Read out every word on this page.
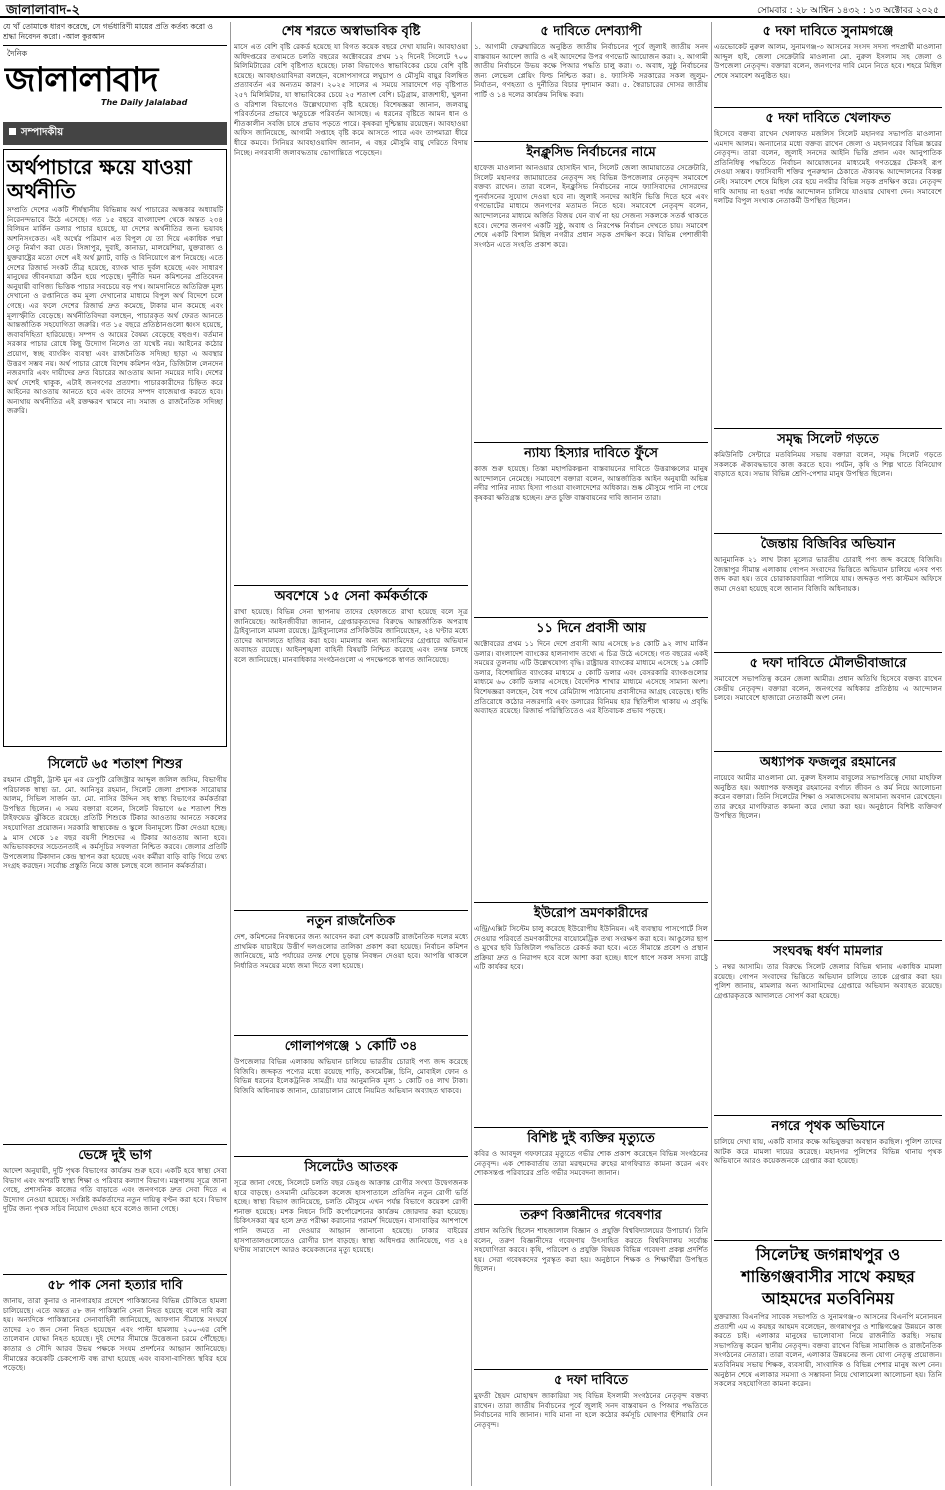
জালালাবাদ-২	সোমবার : ২৮ আশ্বিন ১৪৩২ : ১৩ অক্টোবর ২০২৫
যে খাঁ তোমাকে ধারণ করেছে, সে গর্ভধারিণী মায়ের প্রতি কর্তব্য করো ও শ্রদ্ধা নিবেদন করো। -আল কুরআন
দৈনিক
জালালাবাদ
The Daily Jalalabad
সম্পাদকীয়
অর্থপাচারে ক্ষয়ে যাওয়া অর্থনীতি
সম্প্রতি দেশের একটি শীর্ষস্থানীয় বিভিন্নায় অর্থ পাচারের অন্ধকার অধ্যায়টি নিরেনন্দভাবে উঠে এসেছে। গত ১৫ বছরে বাংলাদেশ থেকে অন্তত ২৩৪ বিলিয়ন মার্কিন ডলার পাচার হয়েছে, যা দেশের অর্থনীতির জন্য ভয়াবহ অশনিসংকেত। এই অর্থের পরিমাণ এত বিপুল যে তা দিয়ে একাধিক পদ্মা সেতু নির্মাণ করা যেত। সিঙ্গাপুর, দুবাই, কানাডা, মালয়েশিয়া, যুক্তরাজ্য ও যুক্তরাষ্ট্রের মতো দেশে এই অর্থ ফ্ল্যাট, বাড়ি ও বিনিয়োগে রূপ নিয়েছে। এতে দেশের রিজার্ভ সংকট তীব্র হয়েছে, ব্যাংক খাত দুর্বল হয়েছে এবং সাধারণ মানুষের জীবনযাত্রা কঠিন হয়ে পড়েছে। দুর্নীতি দমন কমিশনের প্রতিবেদন অনুযায়ী বাণিজ্য ভিত্তিক পাচার সবচেয়ে বড় পথ। আমদানিতে অতিরিক্ত মূল্য দেখানো ও রপ্তানিতে কম মূল্য দেখানোর মাধ্যমে বিপুল অর্থ বিদেশে চলে গেছে। এর ফলে দেশের রিজার্ভ দ্রুত কমেছে, টাকার মান কমেছে এবং মূল্যস্ফীতি বেড়েছে। অর্থনীতিবিদরা বলছেন, পাচারকৃত অর্থ ফেরত আনতে আন্তর্জাতিক সহযোগিতা জরুরি। গত ১৫ বছরে প্রতিষ্ঠানগুলো ধ্বংস হয়েছে, জবাবদিহিতা হারিয়েছে। সম্পদ ও আয়ের বৈষম্য বেড়েছে বহুগুণ। বর্তমান সরকার পাচার রোধে কিছু উদ্যোগ নিলেও তা যথেষ্ট নয়। আইনের কঠোর প্রয়োগ, স্বচ্ছ ব্যাংকিং ব্যবস্থা এবং রাজনৈতিক সদিচ্ছা ছাড়া এ অবস্থার উত্তরণ সম্ভব নয়। অর্থ পাচার রোধে বিশেষ কমিশন গঠন, ডিজিটাল লেনদেন নজরদারি এবং দায়ীদের দ্রুত বিচারের আওতায় আনা সময়ের দাবি। দেশের অর্থ দেশেই থাকুক, এটাই জনগণের প্রত্যাশা। পাচারকারীদের চিহ্নিত করে আইনের আওতায় আনতে হবে এবং তাদের সম্পদ বাজেয়াপ্ত করতে হবে। অন্যথায় অর্থনীতির এই রক্তক্ষরণ থামবে না। সমাজ ও রাজনৈতিক সদিচ্ছা জরুরি।
সিলেটে ৬৫ শতাংশ শিশুর
রহমান চৌধুরী, ট্রাস্ট মুন এর ডেপুটি রেজিস্ট্রার আব্দুল জলিল জসিম, বিভাগীয় পরিচালক স্বাস্থ্য ডা. মো. আনিসুর রহমান, সিলেট জেলা প্রশাসক সারোয়ার আলম, সিভিল সার্জন ডা. মো. নাসির উদ্দিন সহ স্বাস্থ্য বিভাগের কর্মকর্তারা উপস্থিত ছিলেন। এ সময় বক্তারা বলেন, সিলেট বিভাগে ৬৫ শতাংশ শিশু টাইফয়েড ঝুঁকিতে রয়েছে। প্রতিটি শিশুকে টিকার আওতায় আনতে সকলের সহযোগিতা প্রয়োজন। সরকারি স্বাস্থ্যকেন্দ্র ও স্কুলে বিনামূল্যে টিকা দেওয়া হচ্ছে। ৯ মাস থেকে ১৫ বছর বয়সী শিশুদের এ টিকার আওতায় আনা হবে। অভিভাবকদের সচেতনতাই এ কর্মসূচির সফলতা নিশ্চিত করবে। জেলার প্রতিটি উপজেলায় টিকাদান কেন্দ্র স্থাপন করা হয়েছে এবং কর্মীরা বাড়ি বাড়ি গিয়ে তথ্য সংগ্রহ করছেন। সর্বোচ্চ প্রস্তুতি নিয়ে কাজ চলছে বলে জানান কর্মকর্তারা।
ভেঙ্গে দুই ভাগ
আদেশ অনুযায়ী, দুটি পৃথক বিভাগের কার্যক্রম শুরু হবে। একটি হবে স্বাস্থ্য সেবা বিভাগ এবং অপরটি স্বাস্থ্য শিক্ষা ও পরিবার কল্যাণ বিভাগ। মন্ত্রণালয় সূত্রে জানা গেছে, প্রশাসনিক কাজের গতি বাড়াতে এবং জনগণকে দ্রুত সেবা দিতে এ উদ্যোগ নেওয়া হয়েছে। সংশ্লিষ্ট কর্মকর্তাদের নতুন দায়িত্ব বণ্টন করা হবে। বিভাগ দুটির জন্য পৃথক সচিব নিয়োগ দেওয়া হবে বলেও জানা গেছে।
৫৮ পাক সেনা হত্যার দাবি
জানায়, তারা কুনার ও নানগারহার প্রদেশে পাকিস্তানের বিভিন্ন চৌকিতে হামলা চালিয়েছে। এতে অন্তত ৫৮ জন পাকিস্তানি সেনা নিহত হয়েছে বলে দাবি করা হয়। অন্যদিকে পাকিস্তানের সেনাবাহিনী জানিয়েছে, আফগান সীমান্তে সংঘর্ষে তাদের ২৩ জন সেনা নিহত হয়েছেন এবং পাল্টা হামলায় ২০০-এর বেশি তালেবান যোদ্ধা নিহত হয়েছে। দুই দেশের সীমান্তে উত্তেজনা চরমে পৌঁছেছে। কাতার ও সৌদি আরব উভয় পক্ষকে সংযম প্রদর্শনের আহ্বান জানিয়েছে। সীমান্তের কয়েকটি চেকপোস্ট বন্ধ রাখা হয়েছে এবং ব্যবসা-বাণিজ্য স্থবির হয়ে পড়েছে।
শেষ শরতে অস্বাভাবিক বৃষ্টি
মাসে এত বেশি বৃষ্টি রেকর্ড হয়েছে যা বিগত কয়েক বছরে দেখা যায়নি। আবহাওয়া অধিদপ্তরের তথ্যমতে চলতি বছরের অক্টোবরের প্রথম ১২ দিনেই সিলেটে ৭০০ মিলিমিটারের বেশি বৃষ্টিপাত হয়েছে। ঢাকা বিভাগেও স্বাভাবিকের চেয়ে বেশি বৃষ্টি হয়েছে। আবহাওয়াবিদরা বলছেন, বঙ্গোপসাগরে লঘুচাপ ও মৌসুমি বায়ুর বিলম্বিত প্রত্যাবর্তন এর অন্যতম কারণ। ২০২৫ সালের এ সময়ে সারাদেশে গড় বৃষ্টিপাত ২৫৭ মিলিমিটার, যা স্বাভাবিকের চেয়ে ২৫ শতাংশ বেশি। চট্টগ্রাম, রাজশাহী, খুলনা ও বরিশাল বিভাগেও উল্লেখযোগ্য বৃষ্টি হয়েছে। বিশেষজ্ঞরা জানান, জলবায়ু পরিবর্তনের প্রভাবে ঋতুচক্রে পরিবর্তন আসছে। এ ধরনের বৃষ্টিতে আমন ধান ও শীতকালীন সবজি চাষে প্রভাব পড়তে পারে। কৃষকরা দুশ্চিন্তায় রয়েছেন। আবহাওয়া অফিস জানিয়েছে, আগামী সপ্তাহে বৃষ্টি কমে আসতে পারে এবং তাপমাত্রা ধীরে ধীরে কমবে। সিনিয়র আবহাওয়াবিদ জানান, এ বছর মৌসুমি বায়ু দেরিতে বিদায় নিচ্ছে। নগরবাসী জলাবদ্ধতায় ভোগান্তিতে পড়েছেন।
অবশেষে ১৫ সেনা কর্মকর্তাকে
রাখা হয়েছে। বিভিন্ন সেনা স্থাপনায় তাদের হেফাজতে রাখা হয়েছে বলে সূত্র জানিয়েছে। আইনজীবীরা জানান, গ্রেপ্তারকৃতদের বিরুদ্ধে আন্তর্জাতিক অপরাধ ট্রাইব্যুনালে মামলা রয়েছে। ট্রাইব্যুনালের প্রসিকিউটর জানিয়েছেন, ২৪ ঘণ্টার মধ্যে তাদের আদালতে হাজির করা হবে। মামলার অন্য আসামিদের গ্রেপ্তারে অভিযান অব্যাহত রয়েছে। আইনশৃঙ্খলা বাহিনী বিষয়টি নিশ্চিত করেছে এবং তদন্ত চলছে বলে জানিয়েছে। মানবাধিকার সংগঠনগুলো এ পদক্ষেপকে স্বাগত জানিয়েছে।
নতুন রাজনৈতিক
দেশ, কমিশনের নিবন্ধনের জন্য আবেদন করা বেশ কয়েকটি রাজনৈতিক দলের মধ্যে প্রাথমিক যাচাইয়ে উত্তীর্ণ দলগুলোর তালিকা প্রকাশ করা হয়েছে। নির্বাচন কমিশন জানিয়েছে, মাঠ পর্যায়ের তদন্ত শেষে চূড়ান্ত নিবন্ধন দেওয়া হবে। আপত্তি থাকলে নির্ধারিত সময়ের মধ্যে জমা দিতে বলা হয়েছে।
গোলাপগঞ্জে ১ কোটি ৩৪
উপজেলার বিভিন্ন এলাকায় অভিযান চালিয়ে ভারতীয় চোরাই পণ্য জব্দ করেছে বিজিবি। জব্দকৃত পণ্যের মধ্যে রয়েছে শাড়ি, কসমেটিক্স, চিনি, মোবাইল ফোন ও বিভিন্ন ধরনের ইলেকট্রনিক সামগ্রী। যার আনুমানিক মূল্য ১ কোটি ৩৪ লাখ টাকা। বিজিবি অধিনায়ক জানান, চোরাচালান রোধে নিয়মিত অভিযান অব্যাহত থাকবে।
সিলেটেও আতংক
সূত্রে জানা গেছে, সিলেটে চলতি বছর ডেঙ্গু আক্রান্ত রোগীর সংখ্যা উদ্বেগজনক হারে বাড়ছে। ওসমানী মেডিকেল কলেজ হাসপাতালে প্রতিদিন নতুন রোগী ভর্তি হচ্ছে। স্বাস্থ্য বিভাগ জানিয়েছে, চলতি মৌসুমে এখন পর্যন্ত বিভাগে কয়েকশ রোগী শনাক্ত হয়েছে। মশক নিধনে সিটি কর্পোরেশনের কার্যক্রম জোরদার করা হয়েছে। চিকিৎসকরা জ্বর হলে দ্রুত পরীক্ষা করানোর পরামর্শ দিয়েছেন। বাসাবাড়ির আশপাশে পানি জমতে না দেওয়ার আহ্বান জানানো হয়েছে। ঢাকার বাইরের হাসপাতালগুলোতেও রোগীর চাপ বাড়ছে। স্বাস্থ্য অধিদপ্তর জানিয়েছে, গত ২৪ ঘণ্টায় সারাদেশে আরও কয়েকজনের মৃত্যু হয়েছে।
৫ দাবিতে দেশব্যাপী
১. আগামী ফেব্রুয়ারিতে অনুষ্ঠিত জাতীয় নির্বাচনের পূর্বে জুলাই জাতীয় সনদ বাস্তবায়ন আদেশ জারি ও এই আদেশের উপর গণভোট আয়োজন করা। ২. আগামী জাতীয় নির্বাচনে উভয় কক্ষে পিআর পদ্ধতি চালু করা। ৩. অবাধ, সুষ্ঠু নির্বাচনের জন্য লেভেল প্লেয়িং ফিল্ড নিশ্চিত করা। ৪. ফ্যাসিস্ট সরকারের সকল জুলুম-নির্যাতন, গণহত্যা ও দুর্নীতির বিচার দৃশ্যমান করা। ৫. স্বৈরাচারের দোসর জাতীয় পার্টি ও ১৪ দলের কার্যক্রম নিষিদ্ধ করা।
ইনক্লুসিভ নির্বাচনের নামে
হাফেজ মাওলানা আনওয়ার হোসাইন খান, সিলেট জেলা জামায়াতের সেক্রেটারি, সিলেট মহানগর জামায়াতের নেতৃবৃন্দ সহ বিভিন্ন উপজেলার নেতৃবৃন্দ সমাবেশে বক্তব্য রাখেন। তারা বলেন, ইনক্লুসিভ নির্বাচনের নামে ফ্যাসিবাদের দোসরদের পুনর্বাসনের সুযোগ দেওয়া হবে না। জুলাই সনদের আইনি ভিত্তি দিতে হবে এবং গণভোটের মাধ্যমে জনগণের মতামত নিতে হবে। সমাবেশে নেতৃবৃন্দ বলেন, আন্দোলনের মাধ্যমে অর্জিত বিজয় যেন ব্যর্থ না হয় সেজন্য সকলকে সতর্ক থাকতে হবে। দেশের জনগণ একটি সুষ্ঠু, অবাধ ও নিরপেক্ষ নির্বাচন দেখতে চায়। সমাবেশ শেষে একটি বিশাল মিছিল নগরীর প্রধান সড়ক প্রদক্ষিণ করে। বিভিন্ন পেশাজীবী সংগঠন এতে সংহতি প্রকাশ করে।
ন্যায্য হিস্যার দাবিতে ফুঁসে
কাজ শুরু হয়েছে। তিস্তা মহাপরিকল্পনা বাস্তবায়নের দাবিতে উত্তরাঞ্চলের মানুষ আন্দোলনে নেমেছে। সমাবেশে বক্তারা বলেন, আন্তর্জাতিক আইন অনুযায়ী অভিন্ন নদীর পানির ন্যায্য হিস্যা পাওয়া বাংলাদেশের অধিকার। শুষ্ক মৌসুমে পানি না পেয়ে কৃষকরা ক্ষতিগ্রস্ত হচ্ছেন। দ্রুত চুক্তি বাস্তবায়নের দাবি জানান তারা।
১১ দিনে প্রবাসী আয়
অক্টোবরের প্রথম ১১ দিনে দেশে প্রবাসী আয় এসেছে ৮৪ কোটি ৯২ লাখ মার্কিন ডলার। বাংলাদেশ ব্যাংকের হালনাগাদ তথ্যে এ চিত্র উঠে এসেছে। গত বছরের একই সময়ের তুলনায় এটি উল্লেখযোগ্য বৃদ্ধি। রাষ্ট্রায়ত্ত ব্যাংকের মাধ্যমে এসেছে ১৯ কোটি ডলার, বিশেষায়িত ব্যাংকের মাধ্যমে ৫ কোটি ডলার এবং বেসরকারি ব্যাংকগুলোর মাধ্যমে ৬০ কোটি ডলার এসেছে। বৈদেশিক শাখার মাধ্যমে এসেছে সামান্য অংশ। বিশেষজ্ঞরা বলছেন, বৈধ পথে রেমিট্যান্স পাঠানোয় প্রবাসীদের আগ্রহ বেড়েছে। হুন্ডি প্রতিরোধে কঠোর নজরদারি এবং ডলারের বিনিময় হার স্থিতিশীল থাকায় এ প্রবৃদ্ধি অব্যাহত রয়েছে। রিজার্ভ পরিস্থিতিতেও এর ইতিবাচক প্রভাব পড়ছে।
ইউরোপ ভ্রমণকারীদের
এন্ট্রি/এক্সিট সিস্টেম চালু করেছে ইউরোপীয় ইউনিয়ন। এই ব্যবস্থায় পাসপোর্টে সিল দেওয়ার পরিবর্তে ভ্রমণকারীদের বায়োমেট্রিক তথ্য সংরক্ষণ করা হবে। আঙুলের ছাপ ও মুখের ছবি ডিজিটাল পদ্ধতিতে রেকর্ড করা হবে। এতে সীমান্তে প্রবেশ ও প্রস্থান প্রক্রিয়া দ্রুত ও নিরাপদ হবে বলে আশা করা হচ্ছে। ধাপে ধাপে সকল সদস্য রাষ্ট্রে এটি কার্যকর হবে।
বিশিষ্ট দুই ব্যক্তির মৃত্যুতে
কবির ও আবদুল গফফারের মৃত্যুতে গভীর শোক প্রকাশ করেছেন বিভিন্ন সংগঠনের নেতৃবৃন্দ। এক শোকবার্তায় তারা মরহুমদের রুহের মাগফিরাত কামনা করেন এবং শোকসন্তপ্ত পরিবারের প্রতি গভীর সমবেদনা জানান।
তরুণ বিজ্ঞানীদের গবেষণার
প্রধান অতিথি ছিলেন শাহজালাল বিজ্ঞান ও প্রযুক্তি বিশ্ববিদ্যালয়ের উপাচার্য। তিনি বলেন, তরুণ বিজ্ঞানীদের গবেষণায় উৎসাহিত করতে বিশ্ববিদ্যালয় সর্বোচ্চ সহযোগিতা করবে। কৃষি, পরিবেশ ও প্রযুক্তি বিষয়ক বিভিন্ন গবেষণা প্রকল্প প্রদর্শিত হয়। সেরা গবেষকদের পুরস্কৃত করা হয়। অনুষ্ঠানে শিক্ষক ও শিক্ষার্থীরা উপস্থিত ছিলেন।
৫ দফা দাবিতে
মুফতী ছৈয়দ মোহাম্মদ জাকারিয়া সহ বিভিন্ন ইসলামী সংগঠনের নেতৃবৃন্দ বক্তব্য রাখেন। তারা জাতীয় নির্বাচনের পূর্বে জুলাই সনদ বাস্তবায়ন ও পিআর পদ্ধতিতে নির্বাচনের দাবি জানান। দাবি মানা না হলে কঠোর কর্মসূচি ঘোষণার হুঁশিয়ারি দেন নেতৃবৃন্দ।
৫ দফা দাবিতে সুনামগঞ্জে
এডভোকেট নুরুল আলম, সুনামগঞ্জ-৩ আসনের সংসদ সদস্য পদপ্রার্থী মাওলানা আব্দুল হাই, জেলা সেক্রেটারি মাওলানা মো. নুরুল ইসলাম সহ জেলা ও উপজেলা নেতৃবৃন্দ। বক্তারা বলেন, জনগণের দাবি মেনে নিতে হবে। শহরে মিছিল শেষে সমাবেশ অনুষ্ঠিত হয়।
৫ দফা দাবিতে খেলাফত
হিসেবে বক্তব্য রাখেন খেলাফত মজলিস সিলেট মহানগর সভাপতি মাওলানা এমদাদ আলম। অন্যান্যের মধ্যে বক্তব্য রাখেন জেলা ও মহানগরের বিভিন্ন স্তরের নেতৃবৃন্দ। তারা বলেন, জুলাই সনদের আইনি ভিত্তি প্রদান এবং আনুপাতিক প্রতিনিধিত্ব পদ্ধতিতে নির্বাচন আয়োজনের মাধ্যমেই গণতন্ত্রের টেকসই রূপ দেওয়া সম্ভব। ফ্যাসিবাদী শক্তির পুনরুত্থান ঠেকাতে ঐক্যবদ্ধ আন্দোলনের বিকল্প নেই। সমাবেশ শেষে মিছিল বের হয়ে নগরীর বিভিন্ন সড়ক প্রদক্ষিণ করে। নেতৃবৃন্দ দাবি আদায় না হওয়া পর্যন্ত আন্দোলন চালিয়ে যাওয়ার ঘোষণা দেন। সমাবেশে দলটির বিপুল সংখ্যক নেতাকর্মী উপস্থিত ছিলেন।
সমৃদ্ধ সিলেট গড়তে
কমিউনিটি সেন্টারে মতবিনিময় সভায় বক্তারা বলেন, সমৃদ্ধ সিলেট গড়তে সকলকে ঐক্যবদ্ধভাবে কাজ করতে হবে। পর্যটন, কৃষি ও শিল্প খাতে বিনিয়োগ বাড়াতে হবে। সভায় বিভিন্ন শ্রেণি-পেশার মানুষ উপস্থিত ছিলেন।
জৈন্তায় বিজিবির অভিযান
আনুমানিক ২১ লাখ টাকা মূল্যের ভারতীয় চোরাই পণ্য জব্দ করেছে বিজিবি। জৈন্তাপুর সীমান্ত এলাকায় গোপন সংবাদের ভিত্তিতে অভিযান চালিয়ে এসব পণ্য জব্দ করা হয়। তবে চোরাকারবারিরা পালিয়ে যায়। জব্দকৃত পণ্য কাস্টমস অফিসে জমা দেওয়া হয়েছে বলে জানান বিজিবি অধিনায়ক।
৫ দফা দাবিতে মৌলভীবাজারে
সমাবেশে সভাপতিত্ব করেন জেলা আমীর। প্রধান অতিথি হিসেবে বক্তব্য রাখেন কেন্দ্রীয় নেতৃবৃন্দ। বক্তারা বলেন, জনগণের অধিকার প্রতিষ্ঠায় এ আন্দোলন চলবে। সমাবেশে হাজারো নেতাকর্মী অংশ নেন।
অধ্যাপক ফজলুর রহমানের
নায়েবে আমীর মাওলানা মো. নুরুল ইসলাম বাবুলের সভাপতিত্বে দোয়া মাহফিল অনুষ্ঠিত হয়। অধ্যাপক ফজলুর রহমানের বর্ণাঢ্য জীবন ও কর্ম নিয়ে আলোচনা করেন বক্তারা। তিনি সিলেটের শিক্ষা ও সমাজসেবায় অসামান্য অবদান রেখেছেন। তার রুহের মাগফিরাত কামনা করে দোয়া করা হয়। অনুষ্ঠানে বিশিষ্ট ব্যক্তিবর্গ উপস্থিত ছিলেন।
সংঘবদ্ধ ধর্ষণ মামলার
১ নম্বর আসামি। তার বিরুদ্ধে সিলেট জেলার বিভিন্ন থানায় একাধিক মামলা রয়েছে। গোপন সংবাদের ভিত্তিতে অভিযান চালিয়ে তাকে গ্রেপ্তার করা হয়। পুলিশ জানায়, মামলার অন্য আসামিদের গ্রেপ্তারে অভিযান অব্যাহত রয়েছে। গ্রেপ্তারকৃতকে আদালতে সোপর্দ করা হয়েছে।
নগরে পৃথক অভিযানে
চালিয়ে দেখা যায়, একটি বাসার কক্ষে অভিযুক্তরা অবস্থান করছিল। পুলিশ তাদের আটক করে মামলা দায়ের করেছে। মহানগর পুলিশের বিভিন্ন থানায় পৃথক অভিযানে আরও কয়েকজনকে গ্রেপ্তার করা হয়েছে।
সিলেটস্থ জগন্নাথপুর ও শান্তিগঞ্জবাসীর সাথে কয়ছর আহমদের মতবিনিময়
যুক্তরাজ্য বিএনপির সাবেক সভাপতি ও সুনামগঞ্জ-৩ আসনের বিএনপি মনোনয়ন প্রত্যাশী এম এ কয়ছর আহমদ বলেছেন, জগন্নাথপুর ও শান্তিগঞ্জের উন্নয়নে কাজ করতে চাই। এলাকার মানুষের ভালোবাসা নিয়ে রাজনীতি করছি। সভায় সভাপতিত্ব করেন স্থানীয় নেতৃবৃন্দ। বক্তব্য রাখেন বিভিন্ন সামাজিক ও রাজনৈতিক সংগঠনের নেতারা। তারা বলেন, এলাকার উন্নয়নের জন্য যোগ্য নেতৃত্ব প্রয়োজন। মতবিনিময় সভায় শিক্ষক, ব্যবসায়ী, সাংবাদিক ও বিভিন্ন পেশার মানুষ অংশ নেন। অনুষ্ঠান শেষে এলাকার সমস্যা ও সম্ভাবনা নিয়ে খোলামেলা আলোচনা হয়। তিনি সকলের সহযোগিতা কামনা করেন।
